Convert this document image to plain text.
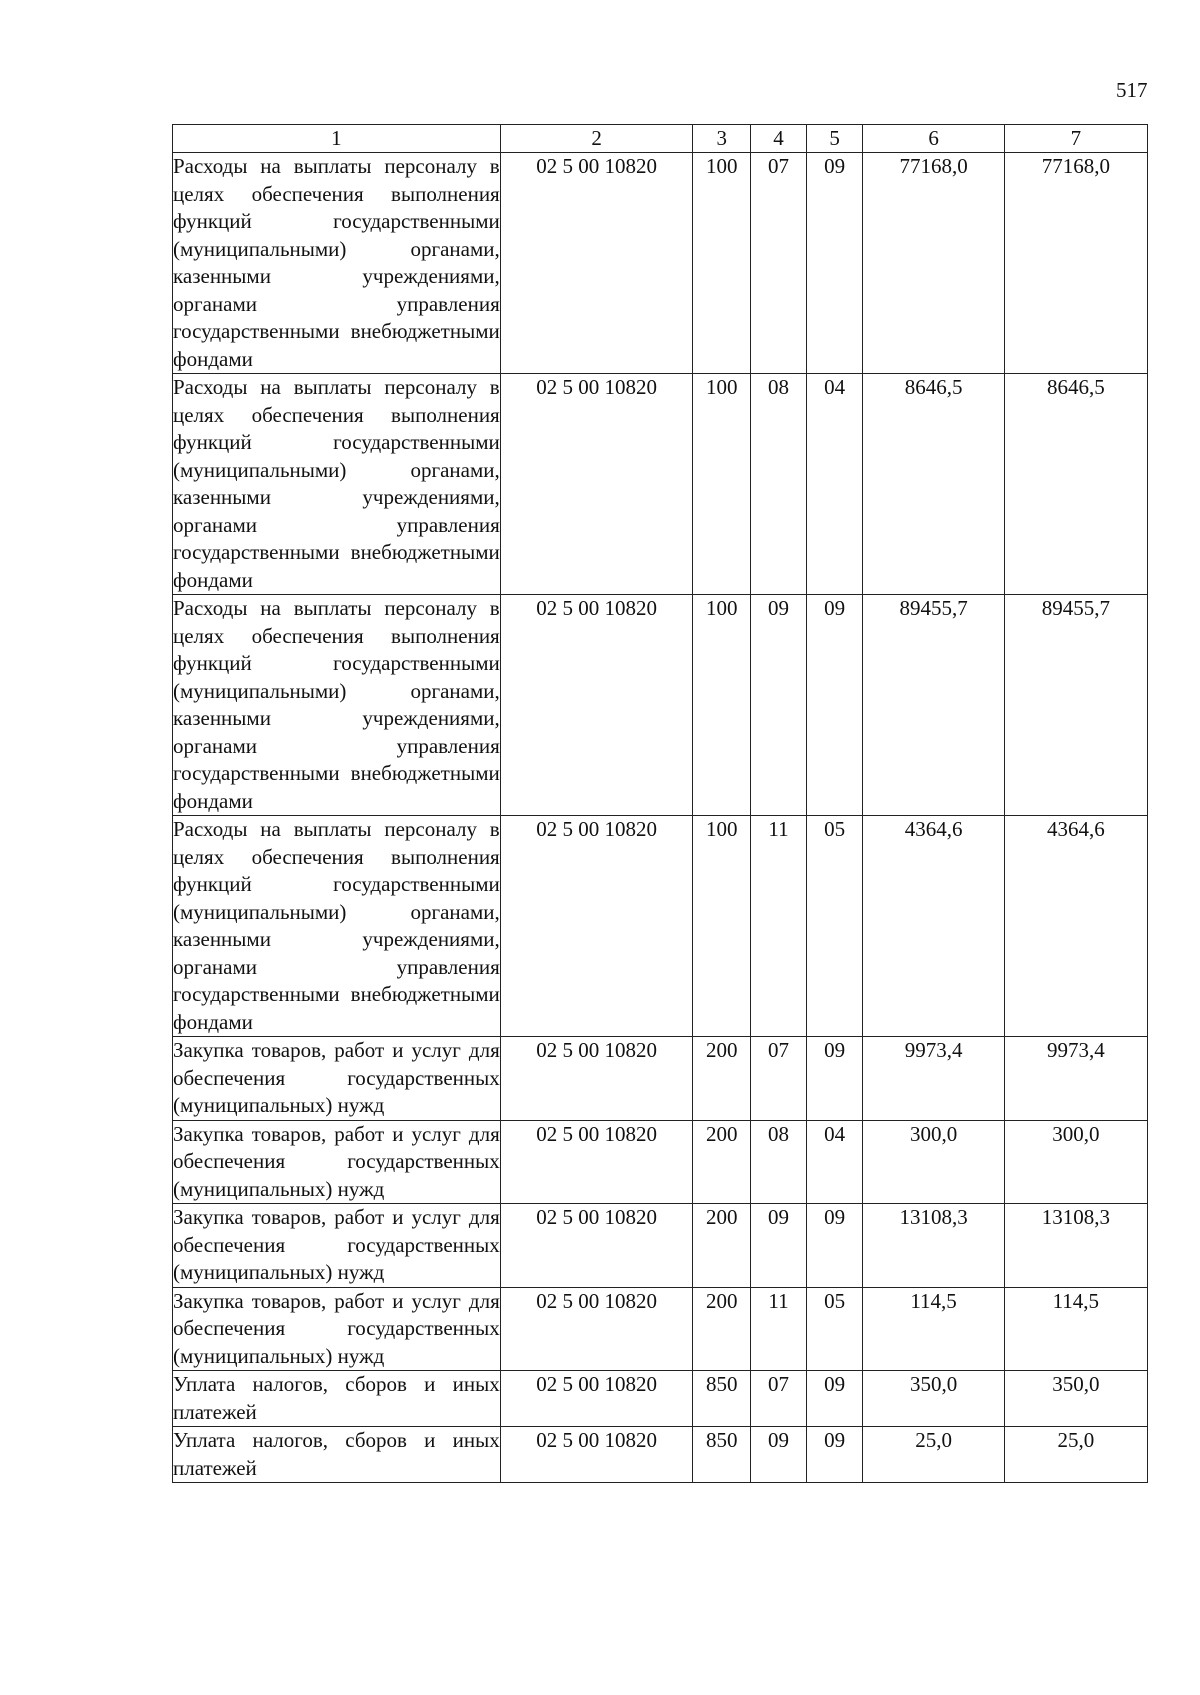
517
1	2	3	4	5	6	7
Расходы на выплаты персоналу в целях обеспечения выполнения функций государственными (муниципальными) органами, казенными учреждениями, органами управления государственными внебюджетными фондами	02 5 00 10820	100	07	09	77168,0	77168,0
Расходы на выплаты персоналу в целях обеспечения выполнения функций государственными (муниципальными) органами, казенными учреждениями, органами управления государственными внебюджетными фондами	02 5 00 10820	100	08	04	8646,5	8646,5
Расходы на выплаты персоналу в целях обеспечения выполнения функций государственными (муниципальными) органами, казенными учреждениями, органами управления государственными внебюджетными фондами	02 5 00 10820	100	09	09	89455,7	89455,7
Расходы на выплаты персоналу в целях обеспечения выполнения функций государственными (муниципальными) органами, казенными учреждениями, органами управления государственными внебюджетными фондами	02 5 00 10820	100	11	05	4364,6	4364,6
Закупка товаров, работ и услуг для обеспечения государственных (муниципальных) нужд	02 5 00 10820	200	07	09	9973,4	9973,4
Закупка товаров, работ и услуг для обеспечения государственных (муниципальных) нужд	02 5 00 10820	200	08	04	300,0	300,0
Закупка товаров, работ и услуг для обеспечения государственных (муниципальных) нужд	02 5 00 10820	200	09	09	13108,3	13108,3
Закупка товаров, работ и услуг для обеспечения государственных (муниципальных) нужд	02 5 00 10820	200	11	05	114,5	114,5
Уплата налогов, сборов и иных платежей	02 5 00 10820	850	07	09	350,0	350,0
Уплата налогов, сборов и иных платежей	02 5 00 10820	850	09	09	25,0	25,0
